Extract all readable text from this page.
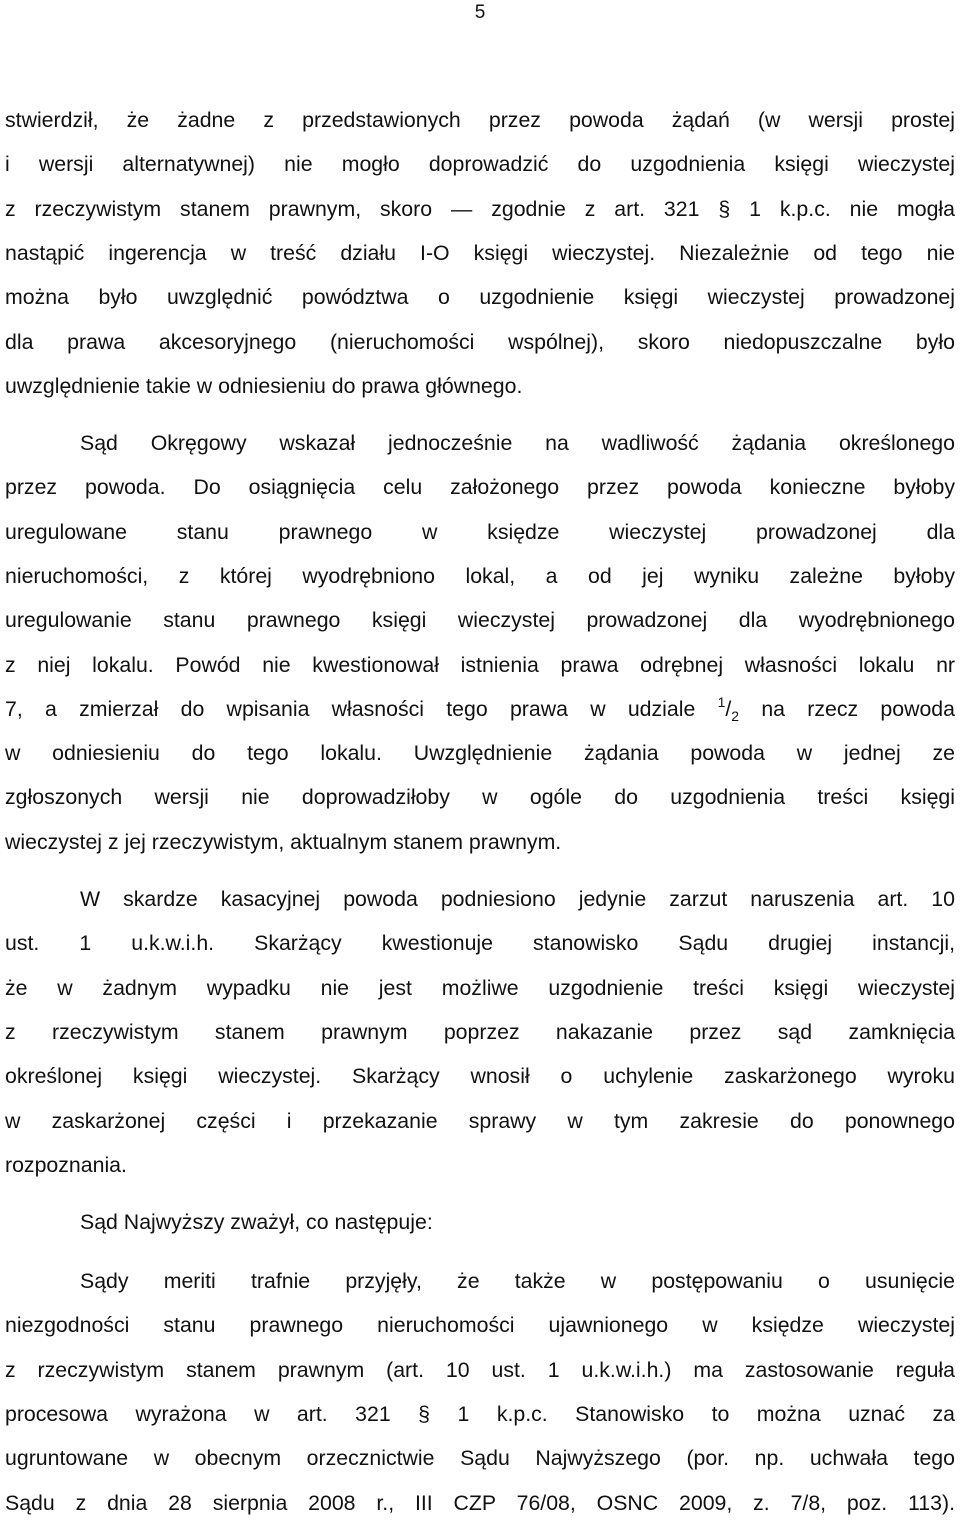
5
stwierdził, że żadne z przedstawionych przez powoda żądań (w wersji prostej
i wersji alternatywnej) nie mogło doprowadzić do uzgodnienia księgi wieczystej
z rzeczywistym stanem prawnym, skoro — zgodnie z art. 321 § 1 k.p.c. nie mogła
nastąpić ingerencja w treść działu I-O księgi wieczystej. Niezależnie od tego nie
można było uwzględnić powództwa o uzgodnienie księgi wieczystej prowadzonej
dla prawa akcesoryjnego (nieruchomości wspólnej), skoro niedopuszczalne było
uwzględnienie takie w odniesieniu do prawa głównego.
Sąd Okręgowy wskazał jednocześnie na wadliwość żądania określonego
przez powoda. Do osiągnięcia celu założonego przez powoda konieczne byłoby
uregulowane stanu prawnego w księdze wieczystej prowadzonej dla
nieruchomości, z której wyodrębniono lokal, a od jej wyniku zależne byłoby
uregulowanie stanu prawnego księgi wieczystej prowadzonej dla wyodrębnionego
z niej lokalu. Powód nie kwestionował istnienia prawa odrębnej własności lokalu nr
7, a zmierzał do wpisania własności tego prawa w udziale $^1/_2$ na rzecz powoda
w odniesieniu do tego lokalu. Uwzględnienie żądania powoda w jednej ze
zgłoszonych wersji nie doprowadziłoby w ogóle do uzgodnienia treści księgi
wieczystej z jej rzeczywistym, aktualnym stanem prawnym.
W skardze kasacyjnej powoda podniesiono jedynie zarzut naruszenia art. 10
ust. 1 u.k.w.i.h. Skarżący kwestionuje stanowisko Sądu drugiej instancji,
że w żadnym wypadku nie jest możliwe uzgodnienie treści księgi wieczystej
z rzeczywistym stanem prawnym poprzez nakazanie przez sąd zamknięcia
określonej księgi wieczystej. Skarżący wnosił o uchylenie zaskarżonego wyroku
w zaskarżonej części i przekazanie sprawy w tym zakresie do ponownego
rozpoznania.
Sąd Najwyższy zważył, co następuje:
Sądy meriti trafnie przyjęły, że także w postępowaniu o usunięcie
niezgodności stanu prawnego nieruchomości ujawnionego w księdze wieczystej
z rzeczywistym stanem prawnym (art. 10 ust. 1 u.k.w.i.h.) ma zastosowanie reguła
procesowa wyrażona w art. 321 § 1 k.p.c. Stanowisko to można uznać za
ugruntowane w obecnym orzecznictwie Sądu Najwyższego (por. np. uchwała tego
Sądu z dnia 28 sierpnia 2008 r., III CZP 76/08, OSNC 2009, z. 7/8, poz. 113).
